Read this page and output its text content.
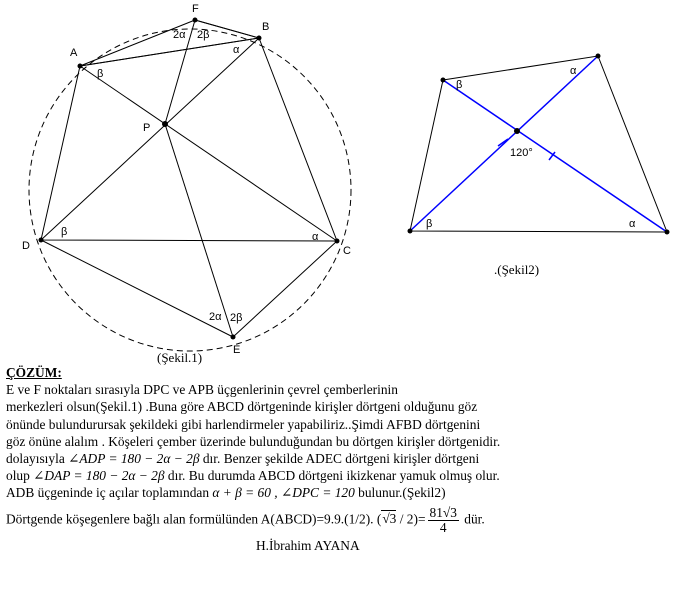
A
B
C
D
E
F
P
2α 2β
α
β
β	α
2α 2β
(Şekil.1)
β
α
β	α
120°
.(Şekil2)

ÇÖZÜM:

E ve F noktaları sırasıyla DPC ve APB üçgenlerinin çevrel çemberlerinin

merkezleri olsun(Şekil.1) .Buna göre ABCD dörtgeninde kirişler dörtgeni olduğunu göz

önünde bulundurursak şekildeki gibi harlendirmeler yapabiliriz..Şimdi AFBD dörtgenini

göz önüne alalım . Köşeleri çember üzerinde bulunduğundan bu dörtgen kirişler dörtgenidir.

dolayısıyla ∠ADP = 180 − 2α − 2β dır. Benzer şekilde ADEC dörtgeni kirişler dörtgeni

olup ∠DAP = 180 − 2α − 2β dır. Bu durumda ABCD dörtgeni ikizkenar yamuk olmuş olur.

ADB üçgeninde iç açılar toplamından α + β = 60 , ∠DPC = 120 bulunur.(Şekil2)

Dörtgende köşegenlere bağlı alan formülünden A(ABCD)=9.9.(1/2). $(√3 / 2)= \frac{81√3}{4}$ dür.

H.İbrahim AYANA
